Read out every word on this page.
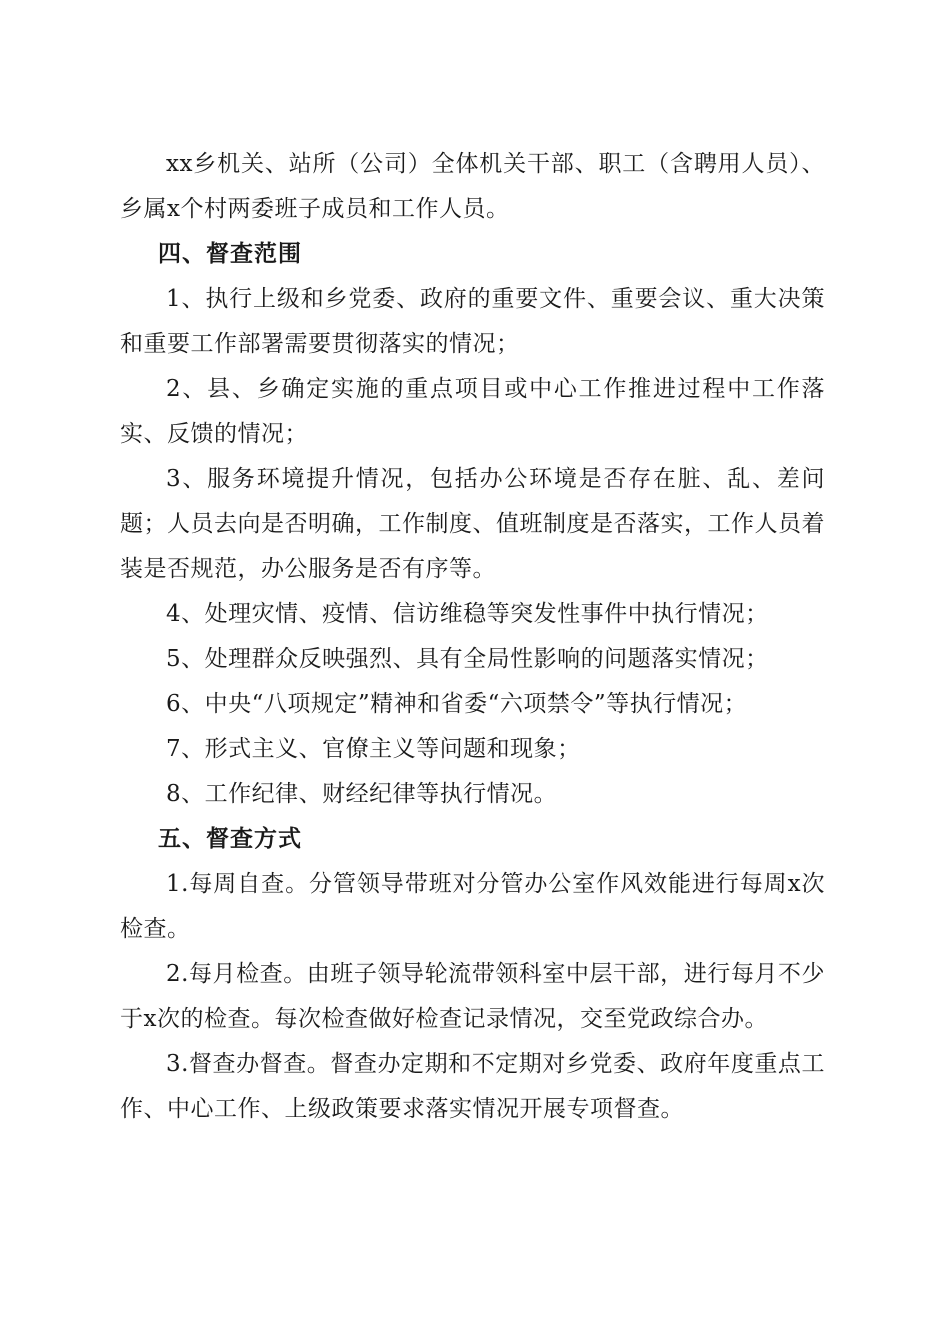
xx乡机关、站所（公司）全体机关干部、职工（含聘用人员）、乡属x个村两委班子成员和工作人员。

四、督查范围

1、执行上级和乡党委、政府的重要文件、重要会议、重大决策和重要工作部署需要贯彻落实的情况；

2、县、乡确定实施的重点项目或中心工作推进过程中工作落实、反馈的情况；

3、服务环境提升情况，包括办公环境是否存在脏、乱、差问题；人员去向是否明确，工作制度、值班制度是否落实，工作人员着装是否规范，办公服务是否有序等。

4、处理灾情、疫情、信访维稳等突发性事件中执行情况；

5、处理群众反映强烈、具有全局性影响的问题落实情况；

6、中央“八项规定”精神和省委“六项禁令”等执行情况；

7、形式主义、官僚主义等问题和现象；

8、工作纪律、财经纪律等执行情况。

五、督查方式

1.每周自查。分管领导带班对分管办公室作风效能进行每周x次检查。

2.每月检查。由班子领导轮流带领科室中层干部，进行每月不少于x次的检查。每次检查做好检查记录情况，交至党政综合办。

3.督查办督查。督查办定期和不定期对乡党委、政府年度重点工作、中心工作、上级政策要求落实情况开展专项督查。
